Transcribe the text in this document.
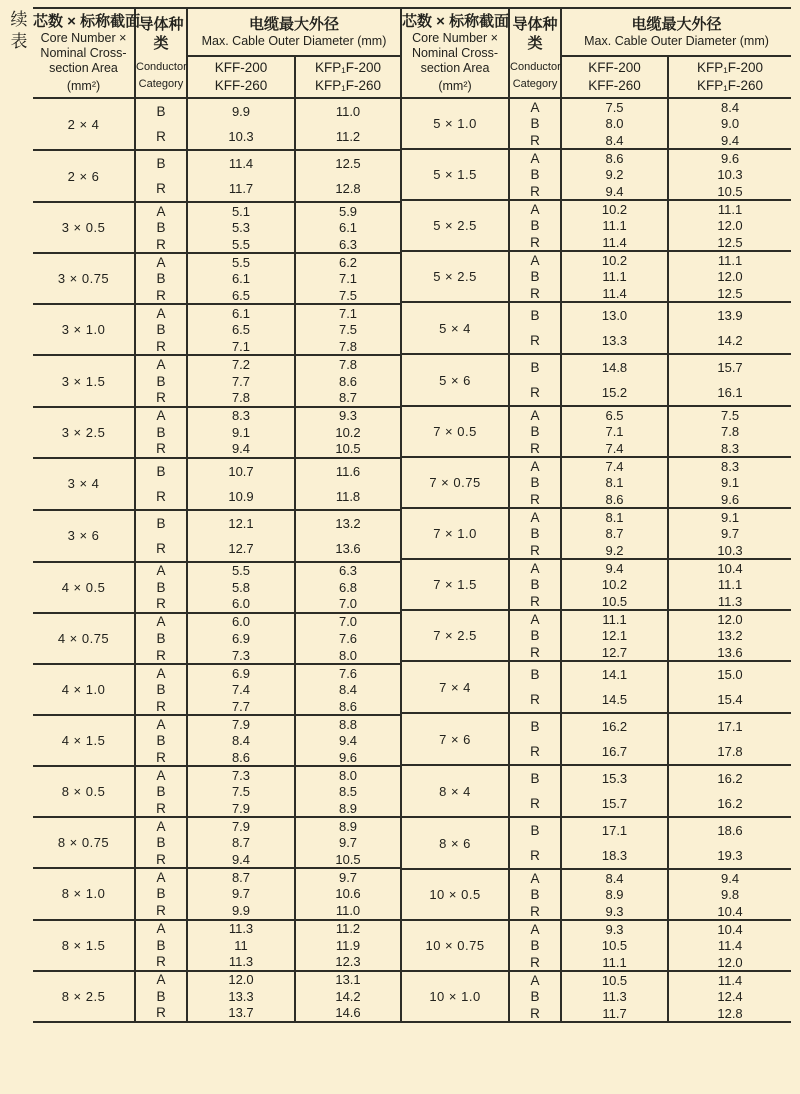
续表
芯数 × 标称截面
Core Number ×
Nominal Cross-
section Area
(mm²)

导体种
类
Conductor
Category

电缆最大外径
Max. Cable Outer Diameter (mm)

KFF-200
KFF-260

KFP₁F-200
KFP₁F-260

2 × 4	B	9.9	11.0
	R	10.3	11.2
2 × 6	B	11.4	12.5
	R	11.7	12.8
3 × 0.5	A	5.1	5.9
	B	5.3	6.1
	R	5.5	6.3
3 × 0.75	A	5.5	6.2
	B	6.1	7.1
	R	6.5	7.5
3 × 1.0	A	6.1	7.1
	B	6.5	7.5
	R	7.1	7.8
3 × 1.5	A	7.2	7.8
	B	7.7	8.6
	R	7.8	8.7
3 × 2.5	A	8.3	9.3
	B	9.1	10.2
	R	9.4	10.5
3 × 4	B	10.7	11.6
	R	10.9	11.8
3 × 6	B	12.1	13.2
	R	12.7	13.6
4 × 0.5	A	5.5	6.3
	B	5.8	6.8
	R	6.0	7.0
4 × 0.75	A	6.0	7.0
	B	6.9	7.6
	R	7.3	8.0
4 × 1.0	A	6.9	7.6
	B	7.4	8.4
	R	7.7	8.6
4 × 1.5	A	7.9	8.8
	B	8.4	9.4
	R	8.6	9.6
8 × 0.5	A	7.3	8.0
	B	7.5	8.5
	R	7.9	8.9
8 × 0.75	A	7.9	8.9
	B	8.7	9.7
	R	9.4	10.5
8 × 1.0	A	8.7	9.7
	B	9.7	10.6
	R	9.9	11.0
8 × 1.5	A	11.3	11.2
	B	11	11.9
	R	11.3	12.3
8 × 2.5	A	12.0	13.1
	B	13.3	14.2
	R	13.7	14.6
芯数 × 标称截面
Core Number ×
Nominal Cross-
section Area
(mm²)

导体种
类
Conductor
Category

电缆最大外径
Max. Cable Outer Diameter (mm)

KFF-200
KFF-260

KFP₁F-200
KFP₁F-260

5 × 1.0	A	7.5	8.4
	B	8.0	9.0
	R	8.4	9.4
5 × 1.5	A	8.6	9.6
	B	9.2	10.3
	R	9.4	10.5
5 × 2.5	A	10.2	11.1
	B	11.1	12.0
	R	11.4	12.5
5 × 2.5	A	10.2	11.1
	B	11.1	12.0
	R	11.4	12.5
5 × 4	B	13.0	13.9
	R	13.3	14.2
5 × 6	B	14.8	15.7
	R	15.2	16.1
7 × 0.5	A	6.5	7.5
	B	7.1	7.8
	R	7.4	8.3
7 × 0.75	A	7.4	8.3
	B	8.1	9.1
	R	8.6	9.6
7 × 1.0	A	8.1	9.1
	B	8.7	9.7
	R	9.2	10.3
7 × 1.5	A	9.4	10.4
	B	10.2	11.1
	R	10.5	11.3
7 × 2.5	A	11.1	12.0
	B	12.1	13.2
	R	12.7	13.6
7 × 4	B	14.1	15.0
	R	14.5	15.4
7 × 6	B	16.2	17.1
	R	16.7	17.8
8 × 4	B	15.3	16.2
	R	15.7	16.2
8 × 6	B	17.1	18.6
	R	18.3	19.3
10 × 0.5	A	8.4	9.4
	B	8.9	9.8
	R	9.3	10.4
10 × 0.75	A	9.3	10.4
	B	10.5	11.4
	R	11.1	12.0
10 × 1.0	A	10.5	11.4
	B	11.3	12.4
	R	11.7	12.8
